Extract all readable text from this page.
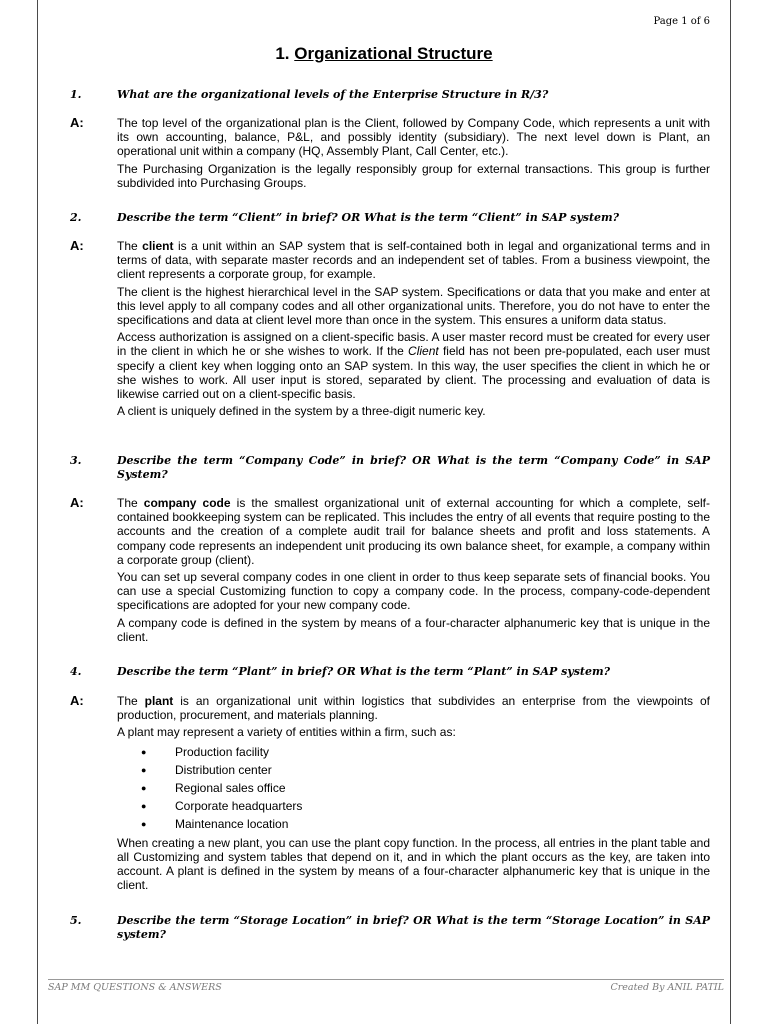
Page 1 of 6
1. Organizational Structure
1.	What are the organizational levels of the Enterprise Structure in R/3?
A:	The top level of the organizational plan is the Client, followed by Company Code, which represents a unit with its own accounting, balance, P&L, and possibly identity (subsidiary). The next level down is Plant, an operational unit within a company (HQ, Assembly Plant, Call Center, etc.).

The Purchasing Organization is the legally responsibly group for external transactions. This group is further subdivided into Purchasing Groups.

2.	Describe the term “Client” in brief? OR What is the term “Client” in SAP system?
A:	The client is a unit within an SAP system that is self-contained both in legal and organizational terms and in terms of data, with separate master records and an independent set of tables. From a business viewpoint, the client represents a corporate group, for example.

The client is the highest hierarchical level in the SAP system. Specifications or data that you make and enter at this level apply to all company codes and all other organizational units. Therefore, you do not have to enter the specifications and data at client level more than once in the system. This ensures a uniform data status.

Access authorization is assigned on a client-specific basis. A user master record must be created for every user in the client in which he or she wishes to work. If the Client field has not been pre-populated, each user must specify a client key when logging onto an SAP system. In this way, the user specifies the client in which he or she wishes to work. All user input is stored, separated by client. The processing and evaluation of data is likewise carried out on a client-specific basis.

A client is uniquely defined in the system by a three-digit numeric key.

3.	Describe the term “Company Code” in brief? OR What is the term “Company Code” in SAP System?
A:	The company code is the smallest organizational unit of external accounting for which a complete, self-contained bookkeeping system can be replicated. This includes the entry of all events that require posting to the accounts and the creation of a complete audit trail for balance sheets and profit and loss statements. A company code represents an independent unit producing its own balance sheet, for example, a company within a corporate group (client).

You can set up several company codes in one client in order to thus keep separate sets of financial books. You can use a special Customizing function to copy a company code. In the process, company-code-dependent specifications are adopted for your new company code.

A company code is defined in the system by means of a four-character alphanumeric key that is unique in the client.

4.	Describe the term “Plant” in brief? OR What is the term “Plant” in SAP system?
A:	The plant is an organizational unit within logistics that subdivides an enterprise from the viewpoints of production, procurement, and materials planning.

A plant may represent a variety of entities within a firm, such as:

● Production facility
● Distribution center
● Regional sales office
● Corporate headquarters
● Maintenance location

When creating a new plant, you can use the plant copy function. In the process, all entries in the plant table and all Customizing and system tables that depend on it, and in which the plant occurs as the key, are taken into account. A plant is defined in the system by means of a four-character alphanumeric key that is unique in the client.

5.	Describe the term “Storage Location” in brief? OR What is the term “Storage Location” in SAP system?
SAP MM QUESTIONS & ANSWERS	Created By ANIL PATIL
